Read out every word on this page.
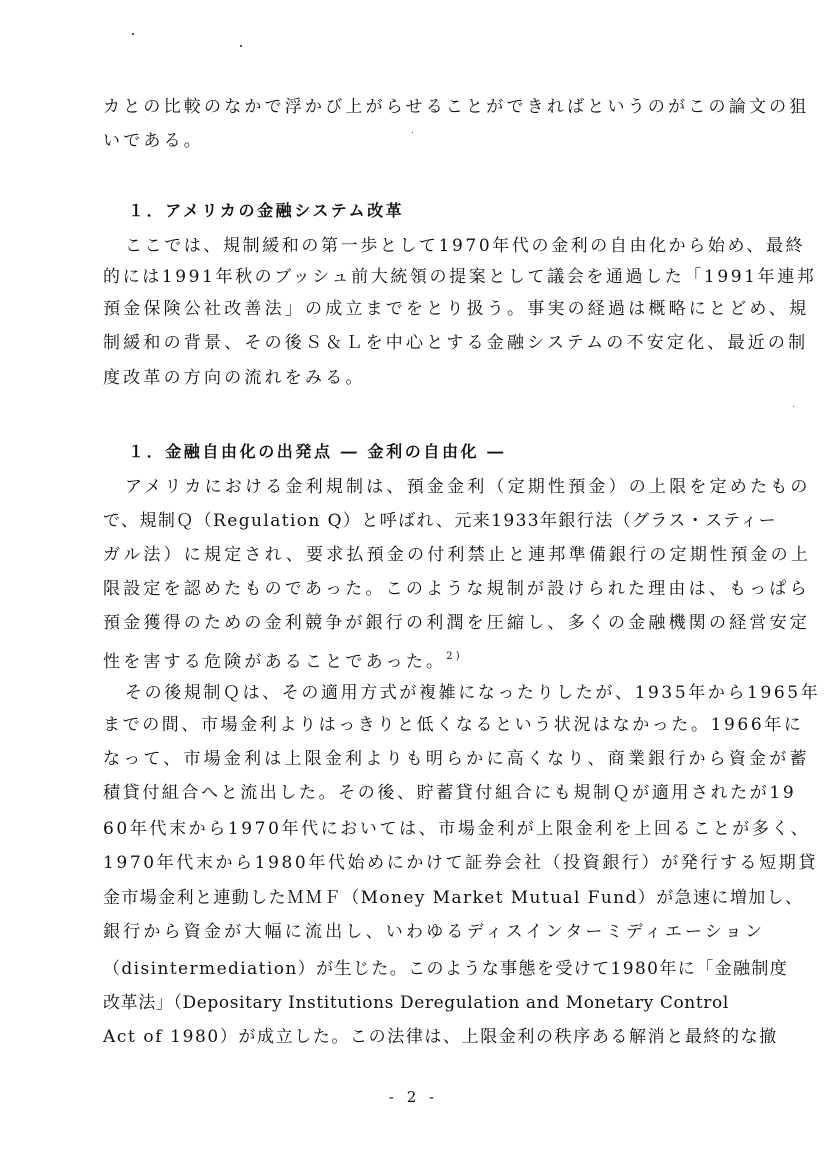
カとの比較のなかで浮かび上がらせることができればというのがこの論文の狙
いである。
１．アメリカの金融システム改革
ここでは、規制緩和の第一歩として1970年代の金利の自由化から始め、最終
的には1991年秋のブッシュ前大統領の提案として議会を通過した「1991年連邦
預金保険公社改善法」の成立までをとり扱う。事実の経過は概略にとどめ、規
制緩和の背景、その後Ｓ＆Ｌを中心とする金融システムの不安定化、最近の制
度改革の方向の流れをみる。
１．金融自由化の出発点 ― 金利の自由化 ―
アメリカにおける金利規制は、預金金利（定期性預金）の上限を定めたもの
で、規制Ｑ（Regulation Q）と呼ばれ、元来1933年銀行法（グラス・スティー
ガル法）に規定され、要求払預金の付利禁止と連邦準備銀行の定期性預金の上
限設定を認めたものであった。このような規制が設けられた理由は、もっぱら
預金獲得のための金利競争が銀行の利潤を圧縮し、多くの金融機関の経営安定
性を害する危険があることであった。$^{2)}$
その後規制Ｑは、その適用方式が複雑になったりしたが、1935年から1965年
までの間、市場金利よりはっきりと低くなるという状況はなかった。1966年に
なって、市場金利は上限金利よりも明らかに高くなり、商業銀行から資金が蓄
積貸付組合へと流出した。その後、貯蓄貸付組合にも規制Ｑが適用されたが19
60年代末から1970年代においては、市場金利が上限金利を上回ることが多く、
1970年代末から1980年代始めにかけて証券会社（投資銀行）が発行する短期貸
金市場金利と連動したＭＭＦ（Money Market Mutual Fund）が急速に増加し、
銀行から資金が大幅に流出し、いわゆるディスインターミディエーション
（disintermediation）が生じた。このような事態を受けて1980年に「金融制度
改革法」（Depositary Institutions Deregulation and Monetary Control
Act of 1980）が成立した。この法律は、上限金利の秩序ある解消と最終的な撤
- 2 -
